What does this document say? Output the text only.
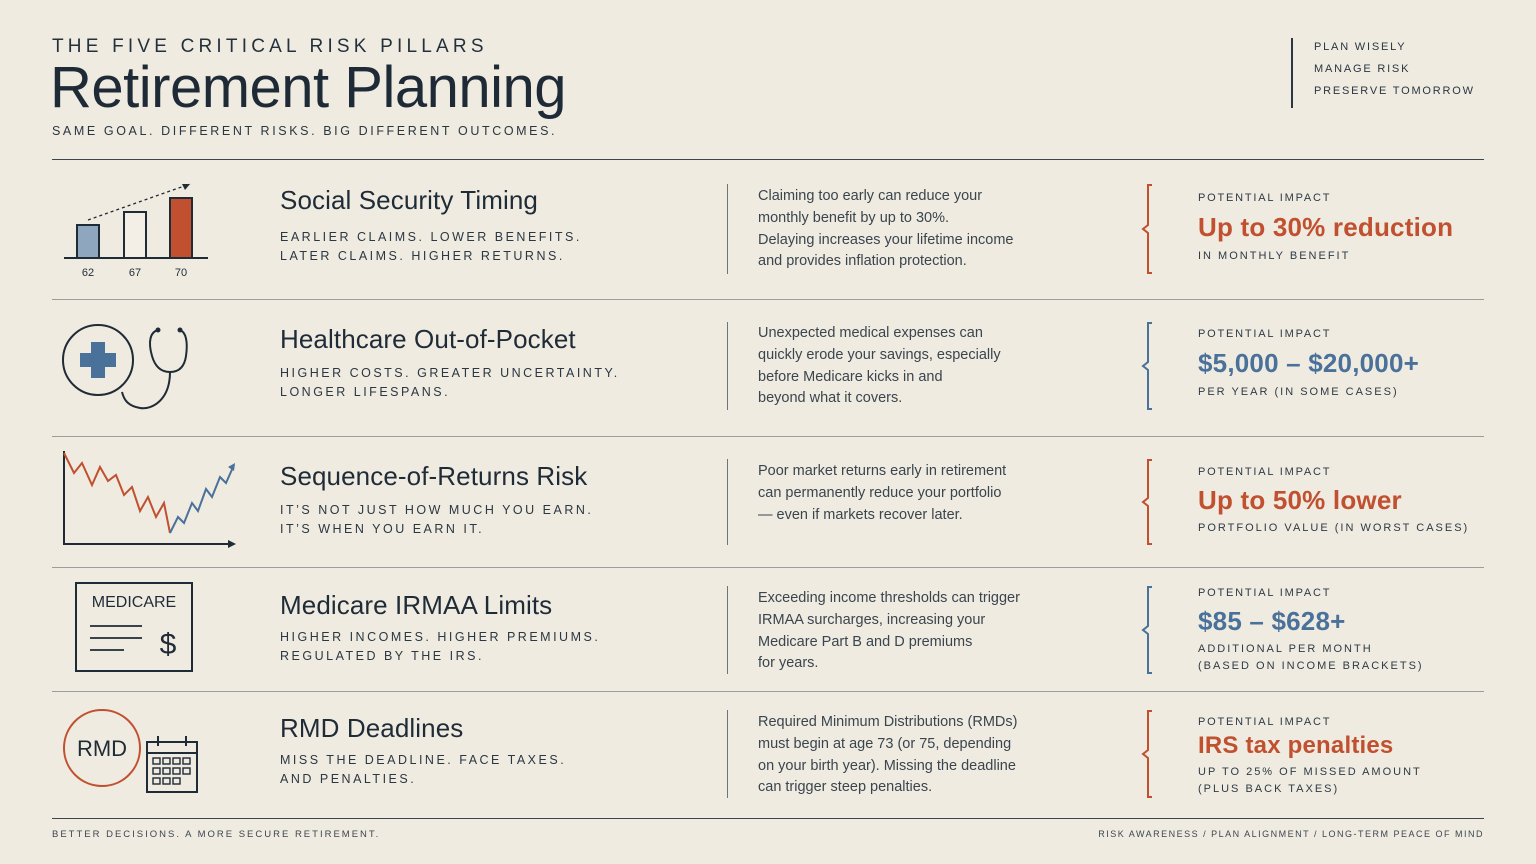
THE FIVE CRITICAL RISK PILLARS
Retirement Planning
SAME GOAL. DIFFERENT RISKS. BIG DIFFERENT OUTCOMES.
PLAN WISELY
MANAGE RISK
PRESERVE TOMORROW
62	67	70
Social Security Timing
EARLIER CLAIMS. LOWER BENEFITS.
LATER CLAIMS. HIGHER RETURNS.
Claiming too early can reduce your
monthly benefit by up to 30%.
Delaying increases your lifetime income
and provides inflation protection.
POTENTIAL IMPACT
Up to 30% reduction
IN MONTHLY BENEFIT
Healthcare Out-of-Pocket
HIGHER COSTS. GREATER UNCERTAINTY.
LONGER LIFESPANS.
Unexpected medical expenses can
quickly erode your savings, especially
before Medicare kicks in and
beyond what it covers.
POTENTIAL IMPACT
$5,000 – $20,000+
PER YEAR (IN SOME CASES)
Sequence-of-Returns Risk
IT’S NOT JUST HOW MUCH YOU EARN.
IT’S WHEN YOU EARN IT.
Poor market returns early in retirement
can permanently reduce your portfolio
— even if markets recover later.
POTENTIAL IMPACT
Up to 50% lower
PORTFOLIO VALUE (IN WORST CASES)
MEDICARE
$
Medicare IRMAA Limits
HIGHER INCOMES. HIGHER PREMIUMS.
REGULATED BY THE IRS.
Exceeding income thresholds can trigger
IRMAA surcharges, increasing your
Medicare Part B and D premiums
for years.
POTENTIAL IMPACT
$85 – $628+
ADDITIONAL PER MONTH
(BASED ON INCOME BRACKETS)
RMD
RMD Deadlines
MISS THE DEADLINE. FACE TAXES.
AND PENALTIES.
Required Minimum Distributions (RMDs)
must begin at age 73 (or 75, depending
on your birth year). Missing the deadline
can trigger steep penalties.
POTENTIAL IMPACT
IRS tax penalties
UP TO 25% OF MISSED AMOUNT
(PLUS BACK TAXES)
BETTER DECISIONS. A MORE SECURE RETIREMENT.	RISK AWARENESS / PLAN ALIGNMENT / LONG-TERM PEACE OF MIND
